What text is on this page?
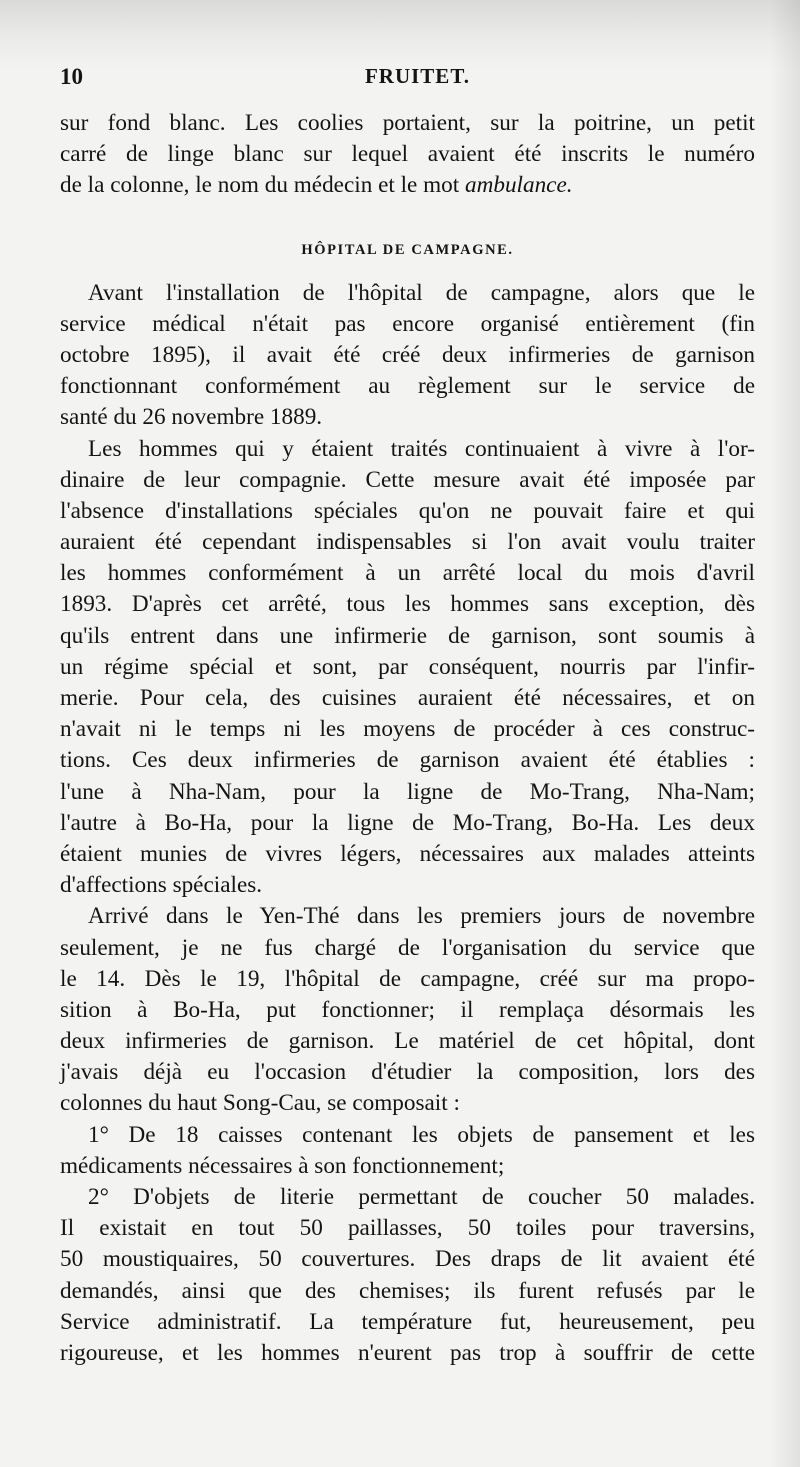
10	FRUITET.
sur fond blanc. Les coolies portaient, sur la poitrine, un petit
carré de linge blanc sur lequel avaient été inscrits le numéro
de la colonne, le nom du médecin et le mot ambulance.
HÔPITAL DE CAMPAGNE.
Avant l'installation de l'hôpital de campagne, alors que le
service médical n'était pas encore organisé entièrement (fin
octobre 1895), il avait été créé deux infirmeries de garnison
fonctionnant conformément au règlement sur le service de
santé du 26 novembre 1889.
Les hommes qui y étaient traités continuaient à vivre à l'or-
dinaire de leur compagnie. Cette mesure avait été imposée par
l'absence d'installations spéciales qu'on ne pouvait faire et qui
auraient été cependant indispensables si l'on avait voulu traiter
les hommes conformément à un arrêté local du mois d'avril
1893. D'après cet arrêté, tous les hommes sans exception, dès
qu'ils entrent dans une infirmerie de garnison, sont soumis à
un régime spécial et sont, par conséquent, nourris par l'infir-
merie. Pour cela, des cuisines auraient été nécessaires, et on
n'avait ni le temps ni les moyens de procéder à ces construc-
tions. Ces deux infirmeries de garnison avaient été établies :
l'une à Nha-Nam, pour la ligne de Mo-Trang, Nha-Nam;
l'autre à Bo-Ha, pour la ligne de Mo-Trang, Bo-Ha. Les deux
étaient munies de vivres légers, nécessaires aux malades atteints
d'affections spéciales.
Arrivé dans le Yen-Thé dans les premiers jours de novembre
seulement, je ne fus chargé de l'organisation du service que
le 14. Dès le 19, l'hôpital de campagne, créé sur ma propo-
sition à Bo-Ha, put fonctionner; il remplaça désormais les
deux infirmeries de garnison. Le matériel de cet hôpital, dont
j'avais déjà eu l'occasion d'étudier la composition, lors des
colonnes du haut Song-Cau, se composait :
1° De 18 caisses contenant les objets de pansement et les
médicaments nécessaires à son fonctionnement;
2° D'objets de literie permettant de coucher 50 malades.
Il existait en tout 50 paillasses, 50 toiles pour traversins,
50 moustiquaires, 50 couvertures. Des draps de lit avaient été
demandés, ainsi que des chemises; ils furent refusés par le
Service administratif. La température fut, heureusement, peu
rigoureuse, et les hommes n'eurent pas trop à souffrir de cette
